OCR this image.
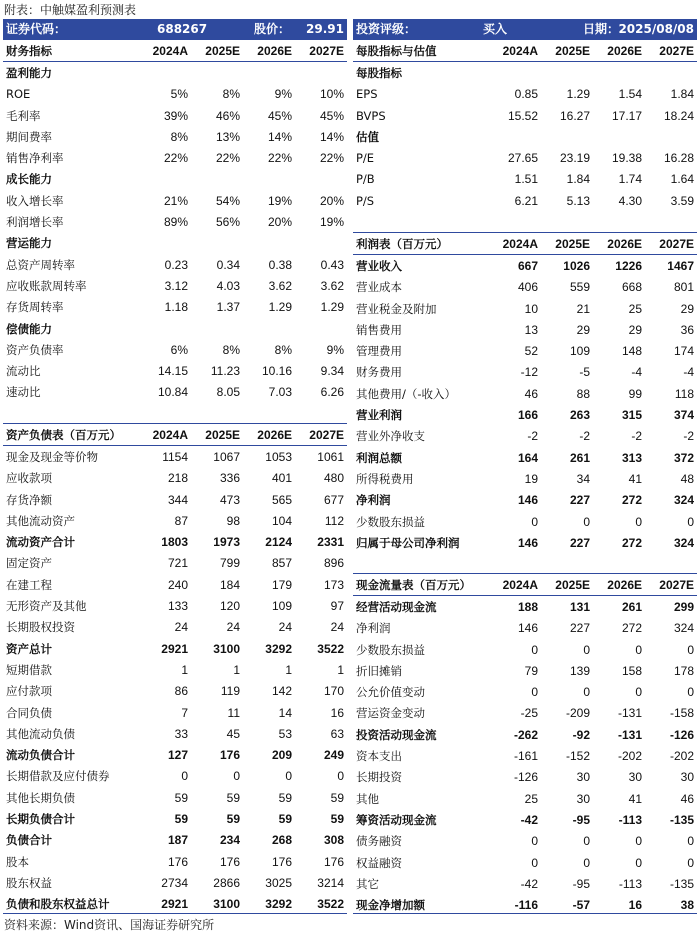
附表：中触媒盈利预测表
证券代码：	688267	股价： 29.91 投资评级：	买入	日期： 2025/08/08
财务指标	2024A	2025E	2026E	2027E
盈利能力				
ROE	5%	8%	9%	10%
毛利率	39%	46%	45%	45%
期间费率	8%	13%	14%	14%
销售净利率	22%	22%	22%	22%
成长能力				
收入增长率	21%	54%	19%	20%
利润增长率	89%	56%	20%	19%
营运能力				
总资产周转率	0.23	0.34	0.38	0.43
应收账款周转率	3.12	4.03	3.62	3.62
存货周转率	1.18	1.37	1.29	1.29
偿债能力				
资产负债率	6%	8%	8%	9%
流动比	14.15	11.23	10.16	9.34
速动比	10.84	8.05	7.03	6.26
每股指标与估值	2024A	2025E	2026E	2027E
每股指标				
EPS	0.85	1.29	1.54	1.84
BVPS	15.52	16.27	17.17	18.24
估值				
P/E	27.65	23.19	19.38	16.28
P/B	1.51	1.84	1.74	1.64
P/S	6.21	5.13	4.30	3.59
利润表（百万元）	2024A	2025E	2026E	2027E
营业收入	667	1026	1226	1467
营业成本	406	559	668	801
营业税金及附加	10	21	25	29
销售费用	13	29	29	36
管理费用	52	109	148	174
财务费用	-12	-5	-4	-4
其他费用/（-收入）	46	88	99	118
营业利润	166	263	315	374
营业外净收支	-2	-2	-2	-2
利润总额	164	261	313	372
所得税费用	19	34	41	48
净利润	146	227	272	324
少数股东损益	0	0	0	0
归属于母公司净利润	146	227	272	324
资产负债表（百万元）	2024A	2025E	2026E	2027E
现金及现金等价物	1154	1067	1053	1061
应收款项	218	336	401	480
存货净额	344	473	565	677
其他流动资产	87	98	104	112
流动资产合计	1803	1973	2124	2331
固定资产	721	799	857	896
在建工程	240	184	179	173
无形资产及其他	133	120	109	97
长期股权投资	24	24	24	24
资产总计	2921	3100	3292	3522
短期借款	1	1	1	1
应付款项	86	119	142	170
合同负债	7	11	14	16
其他流动负债	33	45	53	63
流动负债合计	127	176	209	249
长期借款及应付债券	0	0	0	0
其他长期负债	59	59	59	59
长期负债合计	59	59	59	59
负债合计	187	234	268	308
股本	176	176	176	176
股东权益	2734	2866	3025	3214
负债和股东权益总计	2921	3100	3292	3522
现金流量表（百万元）	2024A	2025E	2026E	2027E
经营活动现金流	188	131	261	299
净利润	146	227	272	324
少数股东损益	0	0	0	0
折旧摊销	79	139	158	178
公允价值变动	0	0	0	0
营运资金变动	-25	-209	-131	-158
投资活动现金流	-262	-92	-131	-126
资本支出	-161	-152	-202	-202
长期投资	-126	30	30	30
其他	25	30	41	46
筹资活动现金流	-42	-95	-113	-135
债务融资	0	0	0	0
权益融资	0	0	0	0
其它	-42	-95	-113	-135
现金净增加额	-116	-57	16	38
资料来源：Wind资讯、国海证券研究所
